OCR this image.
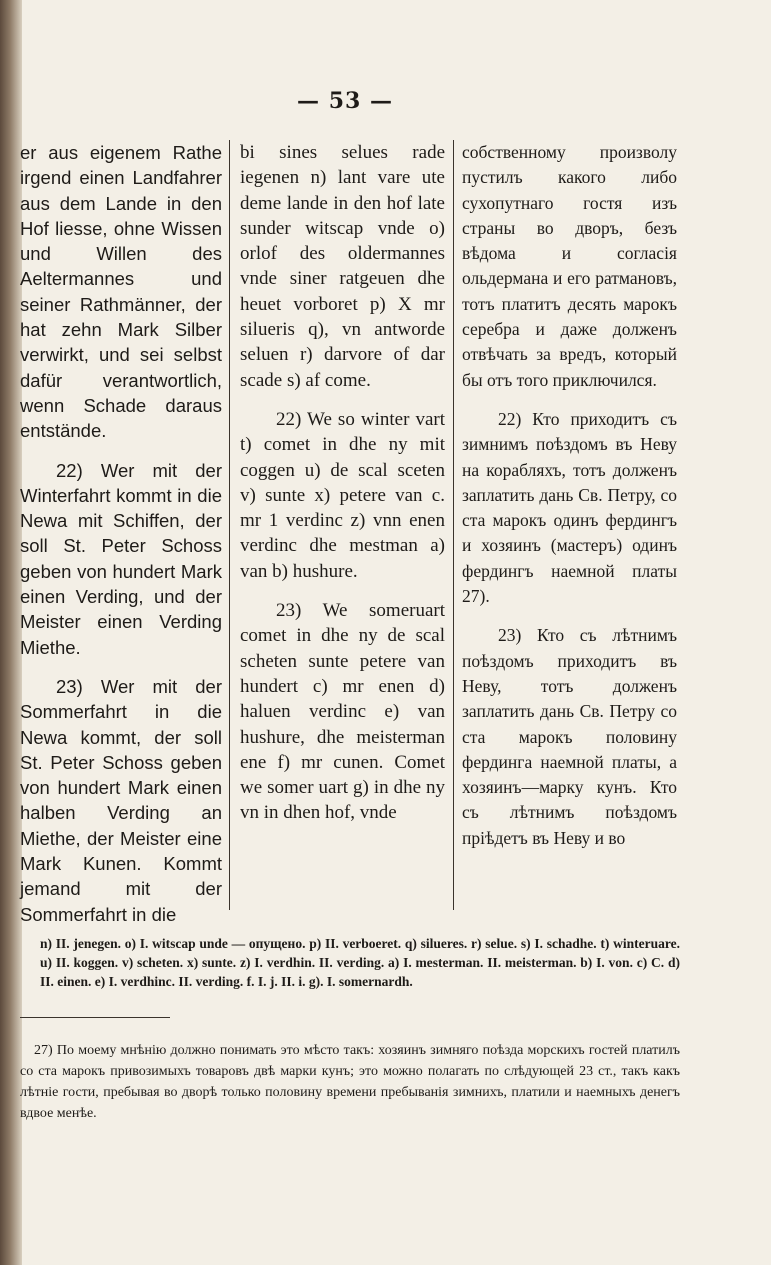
— 53 —

er aus eigenem Rathe irgend einen Landfahrer aus dem Lande in den Hof liesse, ohne Wissen und Willen des Aeltermannes und seiner Rathmänner, der hat zehn Mark Silber verwirkt, und sei selbst dafür verantwortlich, wenn Schade daraus entstände.

22) Wer mit der Winterfahrt kommt in die Newa mit Schiffen, der soll St. Peter Schoss geben von hundert Mark einen Verding, und der Meister einen Verding Miethe.

23) Wer mit der Sommerfahrt in die Newa kommt, der soll St. Peter Schoss geben von hundert Mark einen halben Verding an Miethe, der Meister eine Mark Kunen. Kommt jemand mit der Sommerfahrt in die

bi sines selues rade iegenen n) lant vare ute deme lande in den hof late sunder witscap vnde o) orlof des oldermannes vnde siner ratgeuen dhe heuet vorboret p) X mr silueris q), vn antworde seluen r) darvore of dar scade s) af come.

22) We so winter vart t) comet in dhe ny mit coggen u) de scal sceten v) sunte x) petere van c. mr 1 verdinc z) vnn enen verdinc dhe mestman a) van b) hushure.

23) We someruart comet in dhe ny de scal scheten sunte petere van hundert c) mr enen d) haluen verdinc e) van hushure, dhe meisterman ene f) mr cunen. Comet we somer uart g) in dhe ny vn in dhen hof, vnde

собственному произволу пустилъ какого либо сухопутнаго гостя изъ страны во дворъ, безъ вѣдома и согласія ольдермана и его ратмановъ, тотъ платитъ десять марокъ серебра и даже долженъ отвѣчать за вредъ, который бы отъ того приключился.

22) Кто приходитъ съ зимнимъ поѣздомъ въ Неву на корабляхъ, тотъ долженъ заплатить дань Св. Петру, со ста марокъ одинъ фердингъ и хозяинъ (мастеръ) одинъ фердингъ наемной платы 27).

23) Кто съ лѣтнимъ поѣздомъ приходитъ въ Неву, тотъ долженъ заплатить дань Св. Петру со ста марокъ половину фердинга наемной платы, а хозяинъ—марку кунъ. Кто съ лѣтнимъ поѣздомъ пріѣдетъ въ Неву и во

n) II. jenegen. o) I. witscap unde — опущено. p) II. verboeret. q) silueres. r) selue. s) I. schadhe. t) winteruare. u) II. koggen. v) scheten. x) sunte. z) I. verdhin. II. verding. a) I. mesterman. II. meisterman. b) I. von. c) C. d) II. einen. e) I. verdhinc. II. verding. f. I. j. II. i. g). I. somernardh.

27) По моему мнѣнію должно понимать это мѣсто такъ: хозяинъ зимняго поѣзда морскихъ гостей платилъ со ста марокъ привозимыхъ товаровъ двѣ марки кунъ; это можно полагать по слѣдующей 23 ст., такъ какъ лѣтніе гости, пребывая во дворѣ только половину времени пребыванія зимнихъ, платили и наемныхъ денегъ вдвое менѣе.
